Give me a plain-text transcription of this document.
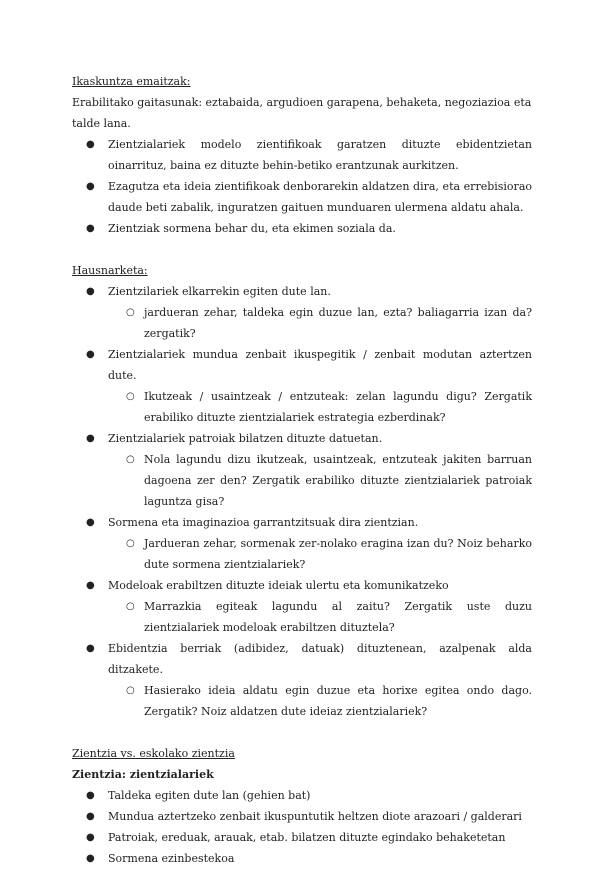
Ikaskuntza emaitzak:

Erabilitako gaitasunak: eztabaida, argudioen garapena, behaketa, negoziazioa eta talde lana.

● Zientzialariek modelo zientifikoak garatzen dituzte ebidentzietan oinarrituz, baina ez dituzte behin-betiko erantzunak aurkitzen.
● Ezagutza eta ideia zientifikoak denborarekin aldatzen dira, eta errebisiorao daude beti zabalik, inguratzen gaituen munduaren ulermena aldatu ahala.
● Zientziak sormena behar du, eta ekimen soziala da.

Hausnarketa:

● Zientzilariek elkarrekin egiten dute lan.
○ jardueran zehar, taldeka egin duzue lan, ezta? baliagarria izan da? zergatik?
● Zientzialariek mundua zenbait ikuspegitik / zenbait modutan aztertzen dute.
○ Ikutzeak / usaintzeak / entzuteak: zelan lagundu digu? Zergatik erabiliko dituzte zientzialariek estrategia ezberdinak?
● Zientzialariek patroiak bilatzen dituzte datuetan.
○ Nola lagundu dizu ikutzeak, usaintzeak, entzuteak jakiten barruan dagoena zer den? Zergatik erabiliko dituzte zientzialariek patroiak laguntza gisa?
● Sormena eta imaginazioa garrantzitsuak dira zientzian.
○ Jardueran zehar, sormenak zer-nolako eragina izan du? Noiz beharko dute sormena zientzialariek?
● Modeloak erabiltzen dituzte ideiak ulertu eta komunikatzeko
○ Marrazkia egiteak lagundu al zaitu? Zergatik uste duzu zientzialariek modeloak erabiltzen dituztela?
● Ebidentzia berriak (adibidez, datuak) dituztenean, azalpenak alda ditzakete.
○ Hasierako ideia aldatu egin duzue eta horixe egitea ondo dago. Zergatik? Noiz aldatzen dute ideiaz zientzialariek?

Zientzia vs. eskolako zientzia

Zientzia: zientzialariek

● Taldeka egiten dute lan (gehien bat)
● Mundua aztertzeko zenbait ikuspuntutik heltzen diote arazoari / galderari
● Patroiak, ereduak, arauak, etab. bilatzen dituzte egindako behaketetan
● Sormena ezinbestekoa
